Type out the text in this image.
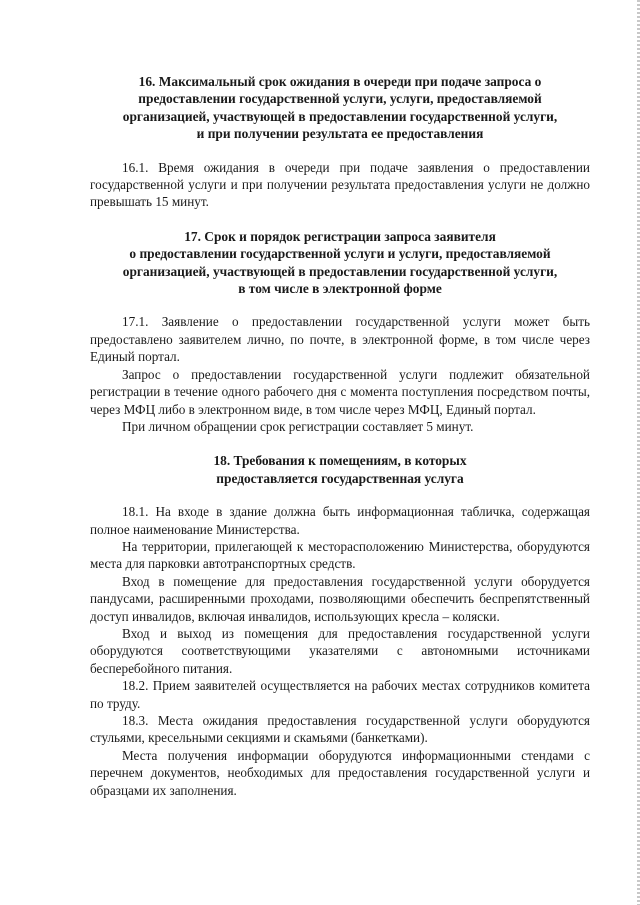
16. Максимальный срок ожидания в очереди при подаче запроса о
предоставлении государственной услуги, услуги, предоставляемой
организацией, участвующей в предоставлении государственной услуги,
и при получении результата ее предоставления

16.1. Время ожидания в очереди при подаче заявления о предоставлении государственной услуги и при получении результата предоставления услуги не должно превышать 15 минут.

17. Срок и порядок регистрации запроса заявителя
о предоставлении государственной услуги и услуги, предоставляемой
организацией, участвующей в предоставлении государственной услуги,
в том числе в электронной форме

17.1. Заявление о предоставлении государственной услуги может быть предоставлено заявителем лично, по почте, в электронной форме, в том числе через Единый портал.

Запрос о предоставлении государственной услуги подлежит обязательной регистрации в течение одного рабочего дня с момента поступления посредством почты, через МФЦ либо в электронном виде, в том числе через МФЦ, Единый портал.

При личном обращении срок регистрации составляет 5 минут.

18. Требования к помещениям, в которых
предоставляется государственная услуга

18.1. На входе в здание должна быть информационная табличка, содержащая полное наименование Министерства.

На территории, прилегающей к месторасположению Министерства, оборудуются места для парковки автотранспортных средств.

Вход в помещение для предоставления государственной услуги оборудуется пандусами, расширенными проходами, позволяющими обеспечить беспрепятственный доступ инвалидов, включая инвалидов, использующих кресла – коляски.

Вход и выход из помещения для предоставления государственной услуги оборудуются соответствующими указателями с автономными источниками бесперебойного питания.

18.2. Прием заявителей осуществляется на рабочих местах сотрудников комитета по труду.

18.3. Места ожидания предоставления государственной услуги оборудуются стульями, кресельными секциями и скамьями (банкетками).

Места получения информации оборудуются информационными стендами с перечнем документов, необходимых для предоставления государственной услуги и образцами их заполнения.
